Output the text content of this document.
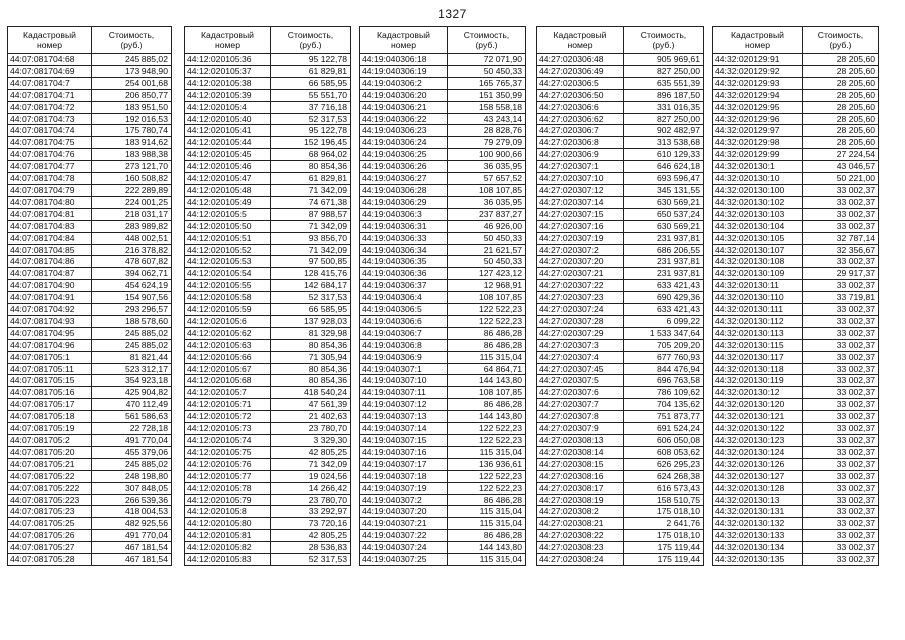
1327
Кадастровый
номер	Стоимость,
(руб.)
44:07:081704:68	245 885,02
44:07:081704:69	173 948,90
44:07:081704:7	254 001,68
44:07:081704:71	206 850,77
44:07:081704:72	183 951,50
44:07:081704:73	192 016,53
44:07:081704:74	175 780,74
44:07:081704:75	183 914,62
44:07:081704:76	183 988,38
44:07:081704:77	273 121,70
44:07:081704:78	160 508,82
44:07:081704:79	222 289,89
44:07:081704:80	224 001,25
44:07:081704:81	218 031,17
44:07:081704:83	283 989,82
44:07:081704:84	448 002,51
44:07:081704:85	216 378,82
44:07:081704:86	478 607,82
44:07:081704:87	394 062,71
44:07:081704:90	454 624,19
44:07:081704:91	154 907,56
44:07:081704:92	293 296,57
44:07:081704:93	188 578,60
44:07:081704:95	245 885,02
44:07:081704:96	245 885,02
44:07:081705:1	81 821,44
44:07:081705:11	523 312,17
44:07:081705:15	354 923,18
44:07:081705:16	425 904,82
44:07:081705:17	470 112,49
44:07:081705:18	561 586,63
44:07:081705:19	22 728,18
44:07:081705:2	491 770,04
44:07:081705:20	455 379,06
44:07:081705:21	245 885,02
44:07:081705:22	248 198,80
44:07:081705:222	307 848,05
44:07:081705:223	266 539,36
44:07:081705:23	418 004,53
44:07:081705:25	482 925,56
44:07:081705:26	491 770,04
44:07:081705:27	467 181,54
44:07:081705:28	467 181,54
Кадастровый
номер	Стоимость,
(руб.)
44:12:020105:36	95 122,78
44:12:020105:37	61 829,81
44:12:020105:38	66 585,95
44:12:020105:39	55 551,70
44:12:020105:4	37 716,18
44:12:020105:40	52 317,53
44:12:020105:41	95 122,78
44:12:020105:44	152 196,45
44:12:020105:45	68 964,02
44:12:020105:46	80 854,36
44:12:020105:47	61 829,81
44:12:020105:48	71 342,09
44:12:020105:49	74 671,38
44:12:020105:5	87 988,57
44:12:020105:50	71 342,09
44:12:020105:51	93 856,70
44:12:020105:52	71 342,09
44:12:020105:53	97 500,85
44:12:020105:54	128 415,76
44:12:020105:55	142 684,17
44:12:020105:58	52 317,53
44:12:020105:59	66 585,95
44:12:020105:6	137 928,03
44:12:020105:62	81 329,98
44:12:020105:63	80 854,36
44:12:020105:66	71 305,94
44:12:020105:67	80 854,36
44:12:020105:68	80 854,36
44:12:020105:7	418 540,24
44:12:020105:71	47 561,39
44:12:020105:72	21 402,63
44:12:020105:73	23 780,70
44:12:020105:74	3 329,30
44:12:020105:75	42 805,25
44:12:020105:76	71 342,09
44:12:020105:77	19 024,56
44:12:020105:78	14 266,42
44:12:020105:79	23 780,70
44:12:020105:8	33 292,97
44:12:020105:80	73 720,16
44:12:020105:81	42 805,25
44:12:020105:82	28 536,83
44:12:020105:83	52 317,53
Кадастровый
номер	Стоимость,
(руб.)
44:19:040306:18	72 071,90
44:19:040306:19	50 450,33
44:19:040306:2	165 765,37
44:19:040306:20	151 350,99
44:19:040306:21	158 558,18
44:19:040306:22	43 243,14
44:19:040306:23	28 828,76
44:19:040306:24	79 279,09
44:19:040306:25	100 900,66
44:19:040306:26	36 035,95
44:19:040306:27	57 657,52
44:19:040306:28	108 107,85
44:19:040306:29	36 035,95
44:19:040306:3	237 837,27
44:19:040306:31	46 926,00
44:19:040306:33	50 450,33
44:19:040306:34	21 621,57
44:19:040306:35	50 450,33
44:19:040306:36	127 423,12
44:19:040306:37	12 968,91
44:19:040306:4	108 107,85
44:19:040306:5	122 522,23
44:19:040306:6	122 522,23
44:19:040306:7	86 486,28
44:19:040306:8	86 486,28
44:19:040306:9	115 315,04
44:19:040307:1	64 864,71
44:19:040307:10	144 143,80
44:19:040307:11	108 107,85
44:19:040307:12	86 486,28
44:19:040307:13	144 143,80
44:19:040307:14	122 522,23
44:19:040307:15	122 522,23
44:19:040307:16	115 315,04
44:19:040307:17	136 936,61
44:19:040307:18	122 522,23
44:19:040307:19	122 522,23
44:19:040307:2	86 486,28
44:19:040307:20	115 315,04
44:19:040307:21	115 315,04
44:19:040307:22	86 486,28
44:19:040307:24	144 143,80
44:19:040307:25	115 315,04
Кадастровый
номер	Стоимость,
(руб.)
44:27:020306:48	905 969,61
44:27:020306:49	827 250,00
44:27:020306:5	635 551,39
44:27:020306:50	896 187,50
44:27:020306:6	331 016,35
44:27:020306:62	827 250,00
44:27:020306:7	902 482,97
44:27:020306:8	313 538,68
44:27:020306:9	610 129,33
44:27:020307:1	646 624,18
44:27:020307:10	693 596,47
44:27:020307:12	345 131,55
44:27:020307:14	630 569,21
44:27:020307:15	650 537,24
44:27:020307:16	630 569,21
44:27:020307:19	231 937,81
44:27:020307:2	686 206,55
44:27:020307:20	231 937,81
44:27:020307:21	231 937,81
44:27:020307:22	633 421,43
44:27:020307:23	690 429,36
44:27:020307:24	633 421,43
44:27:020307:28	6 099,22
44:27:020307:29	1 533 347,64
44:27:020307:3	705 209,20
44:27:020307:4	677 760,93
44:27:020307:45	844 476,94
44:27:020307:5	696 763,58
44:27:020307:6	786 109,62
44:27:020307:7	704 135,62
44:27:020307:8	751 873,77
44:27:020307:9	691 524,24
44:27:020308:13	606 050,08
44:27:020308:14	608 053,62
44:27:020308:15	626 295,23
44:27:020308:16	624 268,38
44:27:020308:17	616 573,43
44:27:020308:19	158 510,75
44:27:020308:2	175 018,10
44:27:020308:21	2 641,76
44:27:020308:22	175 018,10
44:27:020308:23	175 119,44
44:27:020308:24	175 119,44
Кадастровый
номер	Стоимость,
(руб.)
44:32:020129:91	28 205,60
44:32:020129:92	28 205,60
44:32:020129:93	28 205,60
44:32:020129:94	28 205,60
44:32:020129:95	28 205,60
44:32:020129:96	28 205,60
44:32:020129:97	28 205,60
44:32:020129:98	28 205,60
44:32:020129:99	27 224,54
44:32:020130:1	43 046,57
44:32:020130:10	50 221,00
44:32:020130:100	33 002,37
44:32:020130:102	33 002,37
44:32:020130:103	33 002,37
44:32:020130:104	33 002,37
44:32:020130:105	32 787,14
44:32:020130:107	32 356,67
44:32:020130:108	33 002,37
44:32:020130:109	29 917,37
44:32:020130:11	33 002,37
44:32:020130:110	33 719,81
44:32:020130:111	33 002,37
44:32:020130:112	33 002,37
44:32:020130:113	33 002,37
44:32:020130:115	33 002,37
44:32:020130:117	33 002,37
44:32:020130:118	33 002,37
44:32:020130:119	33 002,37
44:32:020130:12	33 002,37
44:32:020130:120	33 002,37
44:32:020130:121	33 002,37
44:32:020130:122	33 002,37
44:32:020130:123	33 002,37
44:32:020130:124	33 002,37
44:32:020130:126	33 002,37
44:32:020130:127	33 002,37
44:32:020130:128	33 002,37
44:32:020130:13	33 002,37
44:32:020130:131	33 002,37
44:32:020130:132	33 002,37
44:32:020130:133	33 002,37
44:32:020130:134	33 002,37
44:32:020130:135	33 002,37
